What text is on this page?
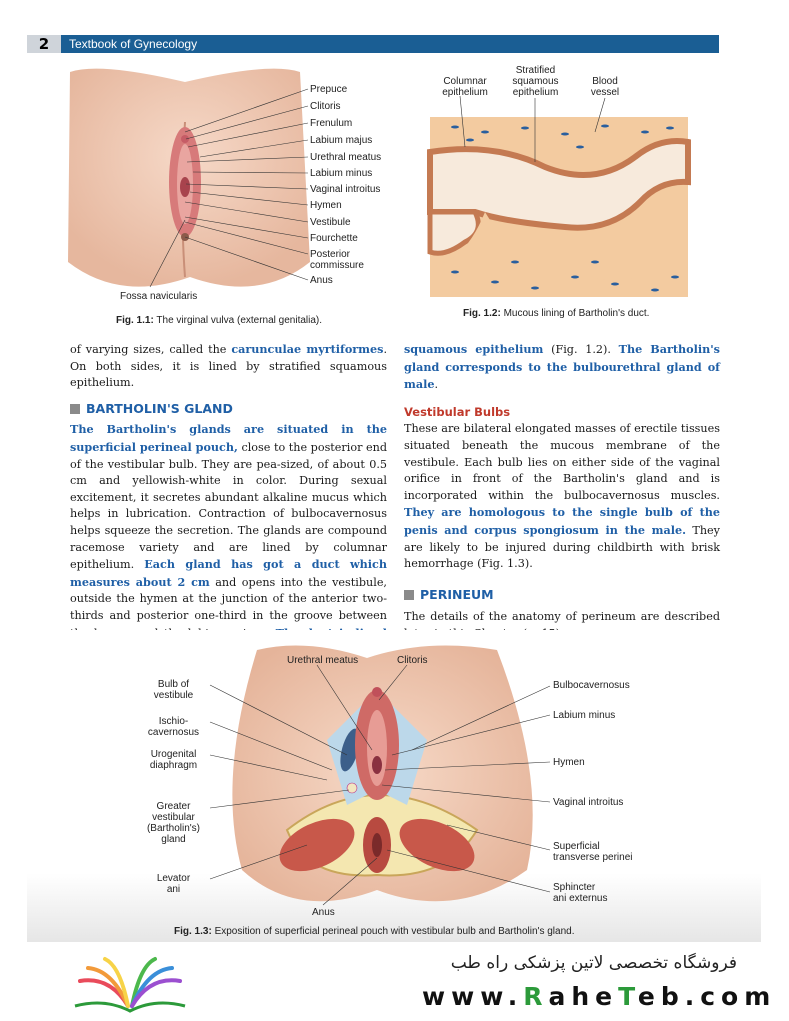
2	Textbook of Gynecology
Prepuce
Clitoris
Frenulum
Labium majus
Urethral meatus
Labium minus
Vaginal introitus
Hymen
Vestibule
Fourchette
Posterior
commissure
Anus
Fossa navicularis
Fig. 1.1: The virginal vulva (external genitalia).
Columnar
epithelium
Stratified
squamous
epithelium
Blood
vessel
Fig. 1.2: Mucous lining of Bartholin's duct.

of varying sizes, called the carunculae myrtiformes. On both sides, it is lined by stratified squamous epithelium.

BARTHOLIN'S GLAND

The Bartholin's glands are situated in the superficial perineal pouch, close to the posterior end of the vestibular bulb. They are pea-sized, of about 0.5 cm and yellowish-white in color. During sexual excitement, it secretes abundant alkaline mucus which helps in lubrication. Contraction of bulbocavernosus helps squeeze the secretion. The glands are compound racemose variety and are lined by columnar epithelium. Each gland has got a duct which measures about 2 cm and opens into the vestibule, outside the hymen at the junction of the anterior two-thirds and posterior one-third in the groove between

squamous epithelium (Fig. 1.2). The Bartholin's gland corresponds to the bulbourethral gland of male.

Vestibular Bulbs

These are bilateral elongated masses of erectile tissues situated beneath the mucous membrane of the vestibule. Each bulb lies on either side of the vaginal orifice in front of the Bartholin's gland and is incorporated within the bulbocavernosus muscles. They are homologous to the single bulb of the penis and corpus spongiosum in the male. They are likely to be injured during childbirth with brisk hemorrhage (Fig. 1.3).

PERINEUM

The details of the anatomy of perineum are described

Urethral meatus	Clitoris
Bulb of
vestibule
Ischio-
cavernosus
Urogenital
diaphragm
Greater
vestibular
(Bartholin's)
gland
Levator
ani
Anus
Bulbocavernosus
Labium minus
Hymen
Vaginal introitus
Superficial
transverse perinei
Sphincter
ani externus
Fig. 1.3: Exposition of superficial perineal pouch with vestibular bulb and Bartholin's gland.
فروشگاه تخصصی لاتین پزشکی راه طب
www.RaheTeb.com
